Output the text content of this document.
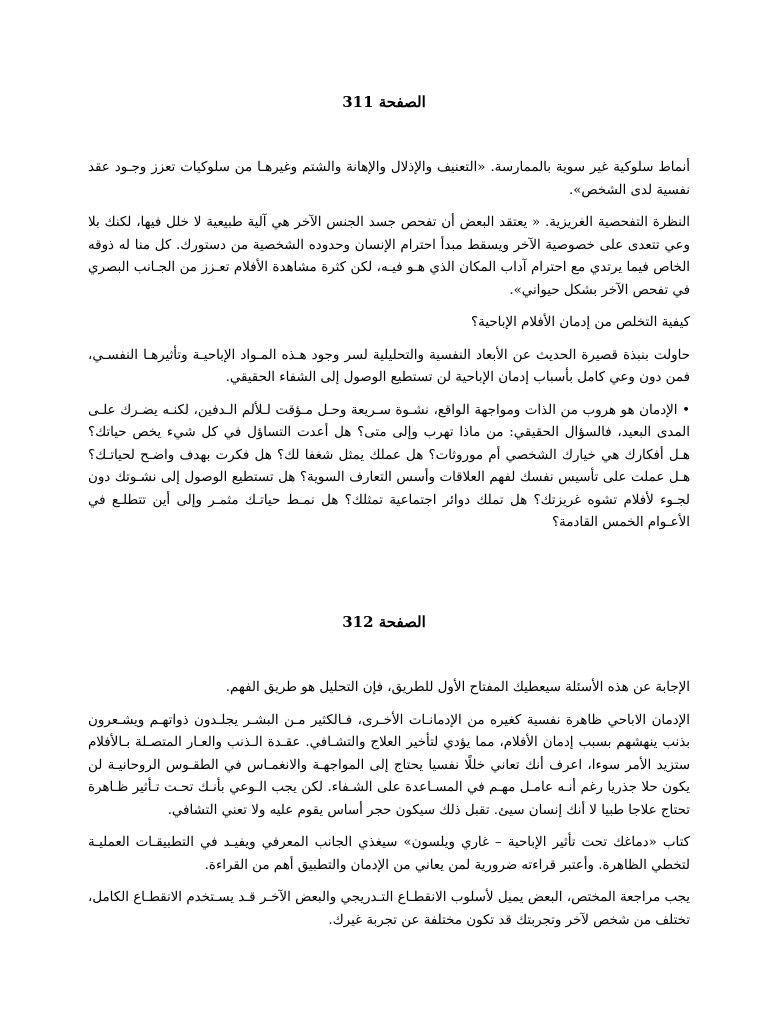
الصفحة 311

أنماط سلوكية غير سوية بالممارسة. «التعنيف والإذلال والإهانة والشتم وغيرهـا من سلوكيات تعزز وجـود عقد نفسية لدى الشخص».

النظرة التفحصية الغريزية. « يعتقد البعض أن تفحص جسد الجنس الآخر هي آلية طبيعية لا خلل فيها، لكنك بلا وعي تتعدى على خصوصية الآخر ويسقط مبدأ احترام الإنسان وحدوده الشخصية من دستورك. كل منا له ذوقه الخاص فيما يرتدي مع احترام آداب المكان الذي هـو فيـه، لكن كثرة مشاهدة الأفلام تعـزز من الجـانب البصري في تفحص الآخر بشكل حيواني».

كيفية التخلص من إدمان الأفلام الإباحية؟

حاولت بنبذة قصيرة الحديث عن الأبعاد النفسية والتحليلية لسر وجود هـذه المـواد الإباحيـة وتأثيرهـا النفسـي، فمن دون وعي كامل بأسباب إدمان الإباحية لن تستطيع الوصول إلى الشفاء الحقيقي.

• الإدمان هو هروب من الذات ومواجهة الواقع، نشـوة سـريعة وحـل مـؤقت لـلألم الـدفين، لكنـه يضـرك علـى المدى البعيد، فالسؤال الحقيقي: من ماذا تهرب وإلى متى؟ هل أعدت التساؤل في كل شيء يخص حياتك؟ هـل أفكارك هي خيارك الشخصي أم موروثات؟ هل عملك يمثل شغفا لك؟ هل فكرت بهدف واضـح لحياتـك؟ هـل عملت على تأسيس نفسك لفهم العلاقات وأسس التعارف السوية؟ هل تستطيع الوصول إلى نشـوتك دون لجـوء لأفلام تشوه غريزتك؟ هل تملك دوائر اجتماعية تمثلك؟ هل نمـط حياتـك مثمـر وإلى أين تتطلـع في الأعـوام الخمس القادمة؟

الصفحة 312

الإجابة عن هذه الأسئلة سيعطيك المفتاح الأول للطريق، فإن التحليل هو طريق الفهم.

الإدمان الاباحي ظاهرة نفسية كغيره من الإدمانـات الأخـرى، فـالكثير مـن البشـر يجلـدون ذواتهـم ويشـعرون بذنب ينهشهم بسبب إدمان الأفلام، مما يؤدي لتأخير العلاج والتشـافي. عقـدة الـذنب والعـار المتصـلة بـالأفلام ستزيد الأمر سوءا، اعرف أنك تعاني خللًا نفسيا يحتاج إلى المواجهـة والانغمـاس في الطقـوس الروحانيـة لن يكون حلا جذريا رغم أنـه عامـل مهـم في المسـاعدة على الشـفاء. لكن يجب الـوعي بأنـك تحـت تـأثير ظـاهرة تحتاج علاجا طبيا لا أنك إنسان سيئ. تقبل ذلك سيكون حجر أساس يقوم عليه ولا تعني التشافي.

كتاب «دماغك تحت تأثير الإباحية – غاري ويلسون» سيغذي الجانب المعرفي ويفيـد في التطبيقـات العمليـة لتخطي الظاهرة. وأعتبر قراءته ضرورية لمن يعاني من الإدمان والتطبيق أهم من القراءة.

يجب مراجعة المختص، البعض يميل لأسلوب الانقطـاع التـدريجي والبعض الآخـر قـد يسـتخدم الانقطـاع الكامل، تختلف من شخص لآخر وتجربتك قد تكون مختلفة عن تجربة غيرك.
